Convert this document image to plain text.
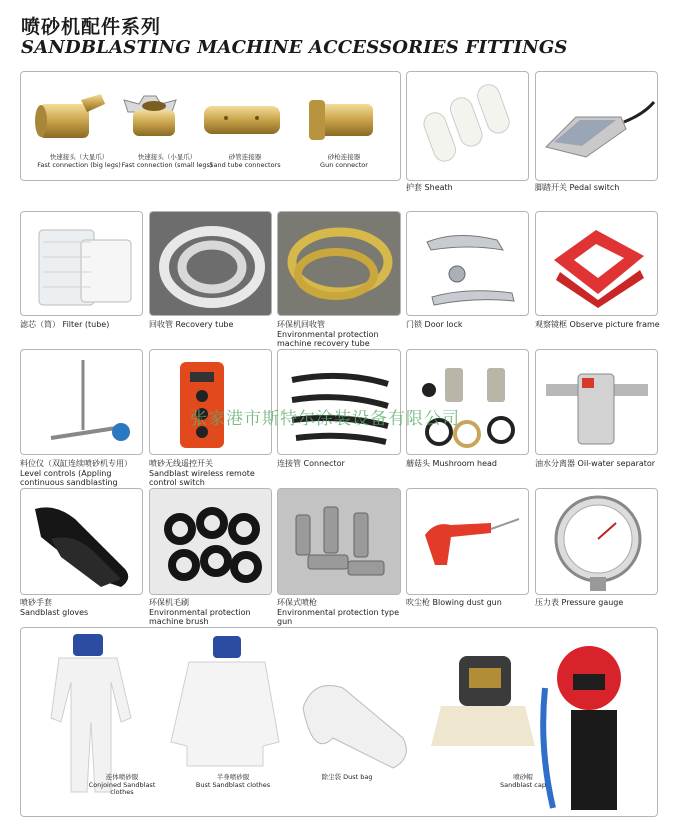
喷砂机配件系列
SANDBLASTING MACHINE ACCESSORIES FITTINGS
快速接头（大显爪）
Fast connection (big legs)
快速接头（小显爪）
Fast connection (small legs)
砂管连接器
Sand tube connectors
砂枪连接器
Gun connector
护套 Sheath	脚踏开关 Pedal switch
滤芯（筒） Filter (tube)	回收管 Recovery tube	环保机回收管
Environmental protection machine recovery tube
门锁 Door lock	观察镜框 Observe picture frame
料位仪（双缸连续喷砂机专用）
Level controls (Appling continuous sandblasting
喷砂无线遥控开关
Sandblast wireless remote control switch
连接管 Connector	蘑菇头 Mushroom head	油水分离器 Oil-water separator
喷砂手套
Sandblast gloves
环保机毛刷
Environmental protection machine brush
环保式喷枪
Environmental protection type gun
吹尘枪 Blowing dust gun	压力表 Pressure gauge
连体喷砂服
Conjoined Sandblast clothes
半身喷砂服
Bust Sandblast clothes
除尘袋 Dust bag	喷砂帽
Sandblast cap
张家港市斯特尔涂装设备有限公司
